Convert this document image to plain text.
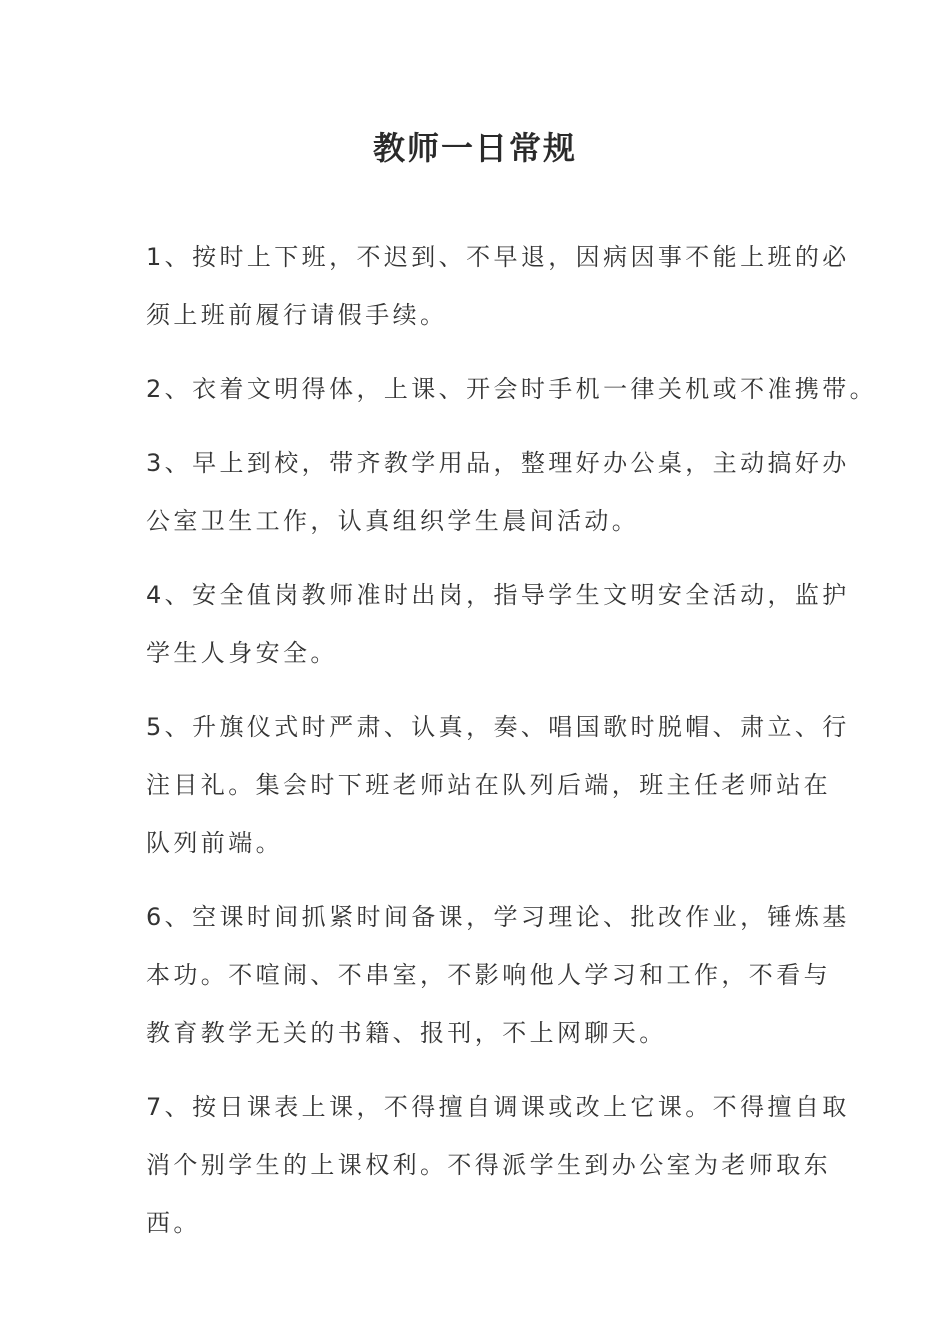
教师一日常规
1、按时上下班，不迟到、不早退，因病因事不能上班的必
须上班前履行请假手续。
2、衣着文明得体，上课、开会时手机一律关机或不准携带。
3、早上到校，带齐教学用品，整理好办公桌，主动搞好办
公室卫生工作，认真组织学生晨间活动。
4、安全值岗教师准时出岗，指导学生文明安全活动，监护
学生人身安全。
5、升旗仪式时严肃、认真，奏、唱国歌时脱帽、肃立、行
注目礼。集会时下班老师站在队列后端，班主任老师站在
队列前端。
6、空课时间抓紧时间备课，学习理论、批改作业，锤炼基
本功。不喧闹、不串室，不影响他人学习和工作，不看与
教育教学无关的书籍、报刊，不上网聊天。
7、按日课表上课，不得擅自调课或改上它课。不得擅自取
消个别学生的上课权利。不得派学生到办公室为老师取东
西。
